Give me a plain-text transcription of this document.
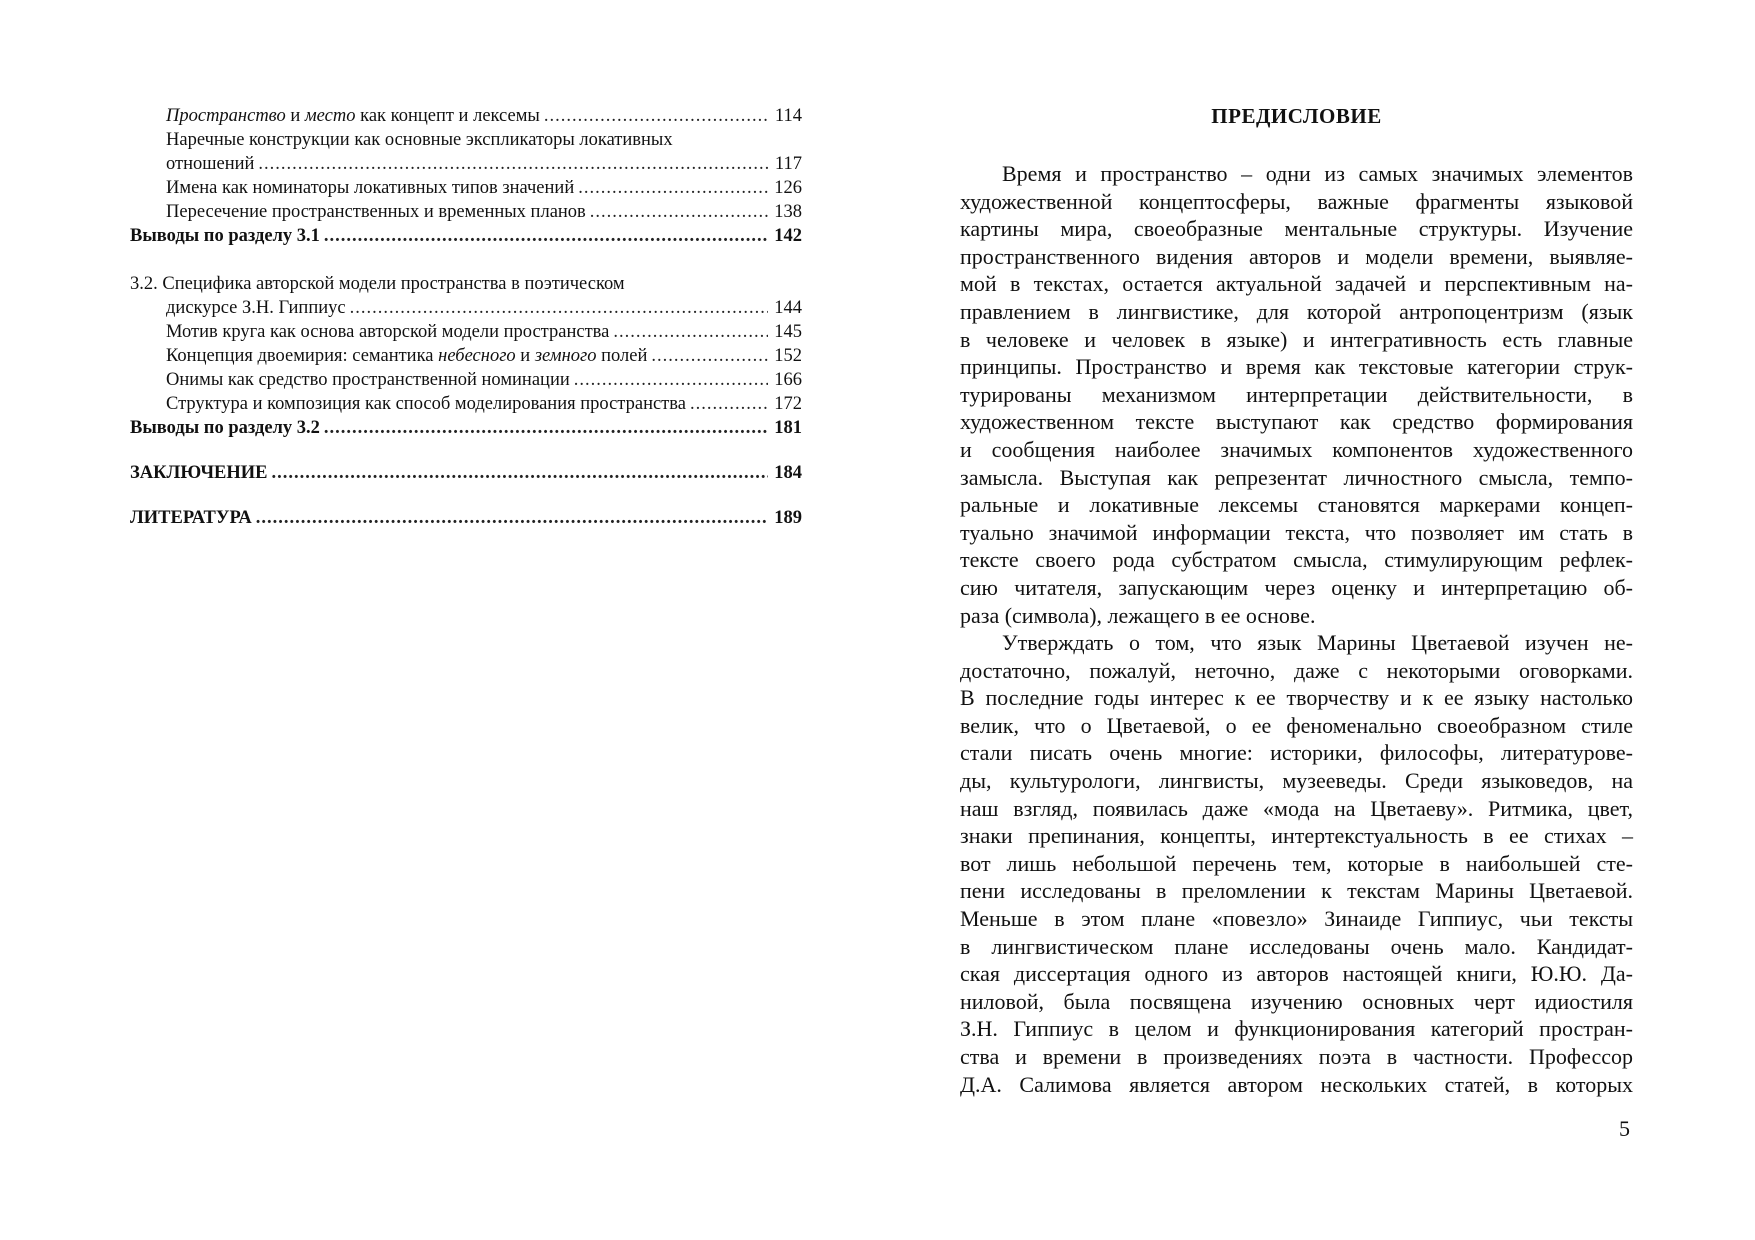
Пространство и место как концепт и лексемы .....	114
Наречные конструкции как основные экспликаторы локативных
отношений .....	117
Имена как номинаторы локативных типов значений .....	126
Пересечение пространственных и временных планов .....	138
Выводы по разделу 3.1 .....	142
3.2. Специфика авторской модели пространства в поэтическом
дискурсе З.Н. Гиппиус .....	144
Мотив круга как основа авторской модели пространства .....	145
Концепция двоемирия: семантика небесного и земного полей .....	152
Онимы как средство пространственной номинации .....	166
Структура и композиция как способ моделирования пространства .....	172
Выводы по разделу 3.2 .....	181
ЗАКЛЮЧЕНИЕ .....	184
ЛИТЕРАТУРА .....	189
ПРЕДИСЛОВИЕ
Время и пространство – одни из самых значимых элементов
художественной концептосферы, важные фрагменты языковой
картины мира, своеобразные ментальные структуры. Изучение
пространственного видения авторов и модели времени, выявляе-
мой в текстах, остается актуальной задачей и перспективным на-
правлением в лингвистике, для которой антропоцентризм (язык
в человеке и человек в языке) и интегративность есть главные
принципы. Пространство и время как текстовые категории струк-
турированы механизмом интерпретации действительности, в
художественном тексте выступают как средство формирования
и сообщения наиболее значимых компонентов художественного
замысла. Выступая как репрезентат личностного смысла, темпо-
ральные и локативные лексемы становятся маркерами концеп-
туально значимой информации текста, что позволяет им стать в
тексте своего рода субстратом смысла, стимулирующим рефлек-
сию читателя, запускающим через оценку и интерпретацию об-
раза (символа), лежащего в ее основе.
Утверждать о том, что язык Марины Цветаевой изучен не-
достаточно, пожалуй, неточно, даже с некоторыми оговорками.
В последние годы интерес к ее творчеству и к ее языку настолько
велик, что о Цветаевой, о ее феноменально своеобразном стиле
стали писать очень многие: историки, философы, литературове-
ды, культурологи, лингвисты, музееведы. Среди языковедов, на
наш взгляд, появилась даже «мода на Цветаеву». Ритмика, цвет,
знаки препинания, концепты, интертекстуальность в ее стихах –
вот лишь небольшой перечень тем, которые в наибольшей сте-
пени исследованы в преломлении к текстам Марины Цветаевой.
Меньше в этом плане «повезло» Зинаиде Гиппиус, чьи тексты
в лингвистическом плане исследованы очень мало. Кандидат-
ская диссертация одного из авторов настоящей книги, Ю.Ю. Да-
ниловой, была посвящена изучению основных черт идиостиля
З.Н. Гиппиус в целом и функционирования категорий простран-
ства и времени в произведениях поэта в частности. Профессор
Д.А. Салимова является автором нескольких статей, в которых
5
